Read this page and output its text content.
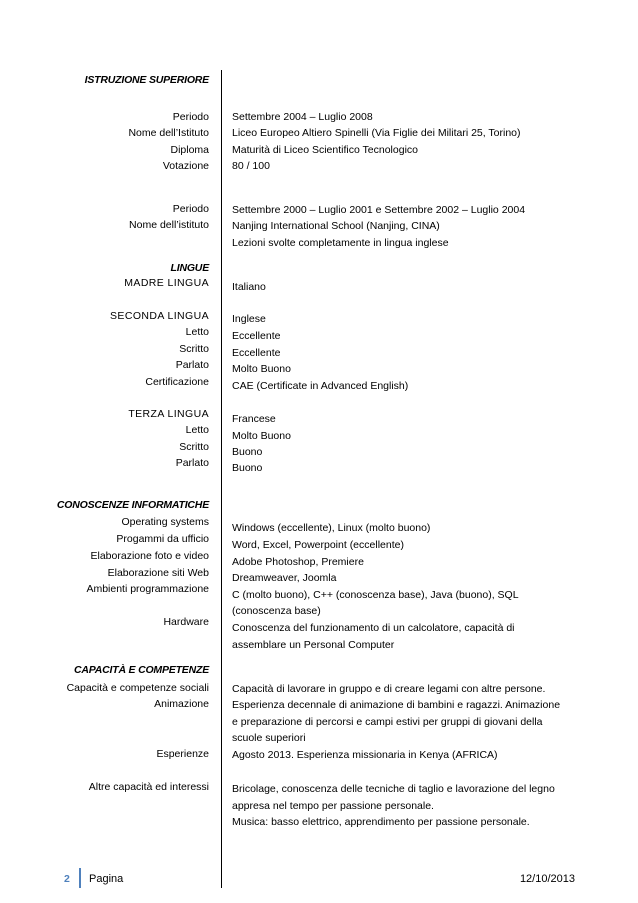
ISTRUZIONE SUPERIORE
Periodo
Nome dell’Istituto
Diploma
Votazione
Settembre 2004 – Luglio 2008
Liceo Europeo Altiero Spinelli (Via Figlie dei Militari 25, Torino)
Maturità di Liceo Scientifico Tecnologico
80 / 100
Periodo
Nome dell’istituto
Settembre 2000 – Luglio 2001 e Settembre 2002 – Luglio 2004
Nanjing International School (Nanjing, CINA)
Lezioni svolte completamente in lingua inglese
LINGUE
MADRE LINGUA Italiano
SECONDA LINGUA
Letto
Scritto
Parlato
Certificazione
Inglese
Eccellente
Eccellente
Molto Buono
CAE (Certificate in Advanced English)
TERZA LINGUA
Letto
Scritto
Parlato
Francese
Molto Buono
Buono
Buono
CONOSCENZE INFORMATICHE
Operating systems
Progammi da ufficio
Elaborazione foto e video
Elaborazione siti Web
Ambienti programmazione
Hardware
Windows (eccellente), Linux (molto buono)
Word, Excel, Powerpoint (eccellente)
Adobe Photoshop, Premiere
Dreamweaver, Joomla
C (molto buono), C++ (conoscenza base), Java (buono), SQL
(conoscenza base)
Conoscenza del funzionamento di un calcolatore, capacità di
assemblare un Personal Computer
CAPACITÀ E COMPETENZE
Capacità e competenze sociali
Animazione
Esperienze
Altre capacità ed interessi
Capacità di lavorare in gruppo e di creare legami con altre persone.
Esperienza decennale di animazione di bambini e ragazzi. Animazione
e preparazione di percorsi e campi estivi per gruppi di giovani della
scuole superiori
Agosto 2013. Esperienza missionaria in Kenya (AFRICA)
Bricolage, conoscenza delle tecniche di taglio e lavorazione del legno
appresa nel tempo per passione personale.
Musica: basso elettrico, apprendimento per passione personale.
2 Pagina	12/10/2013
